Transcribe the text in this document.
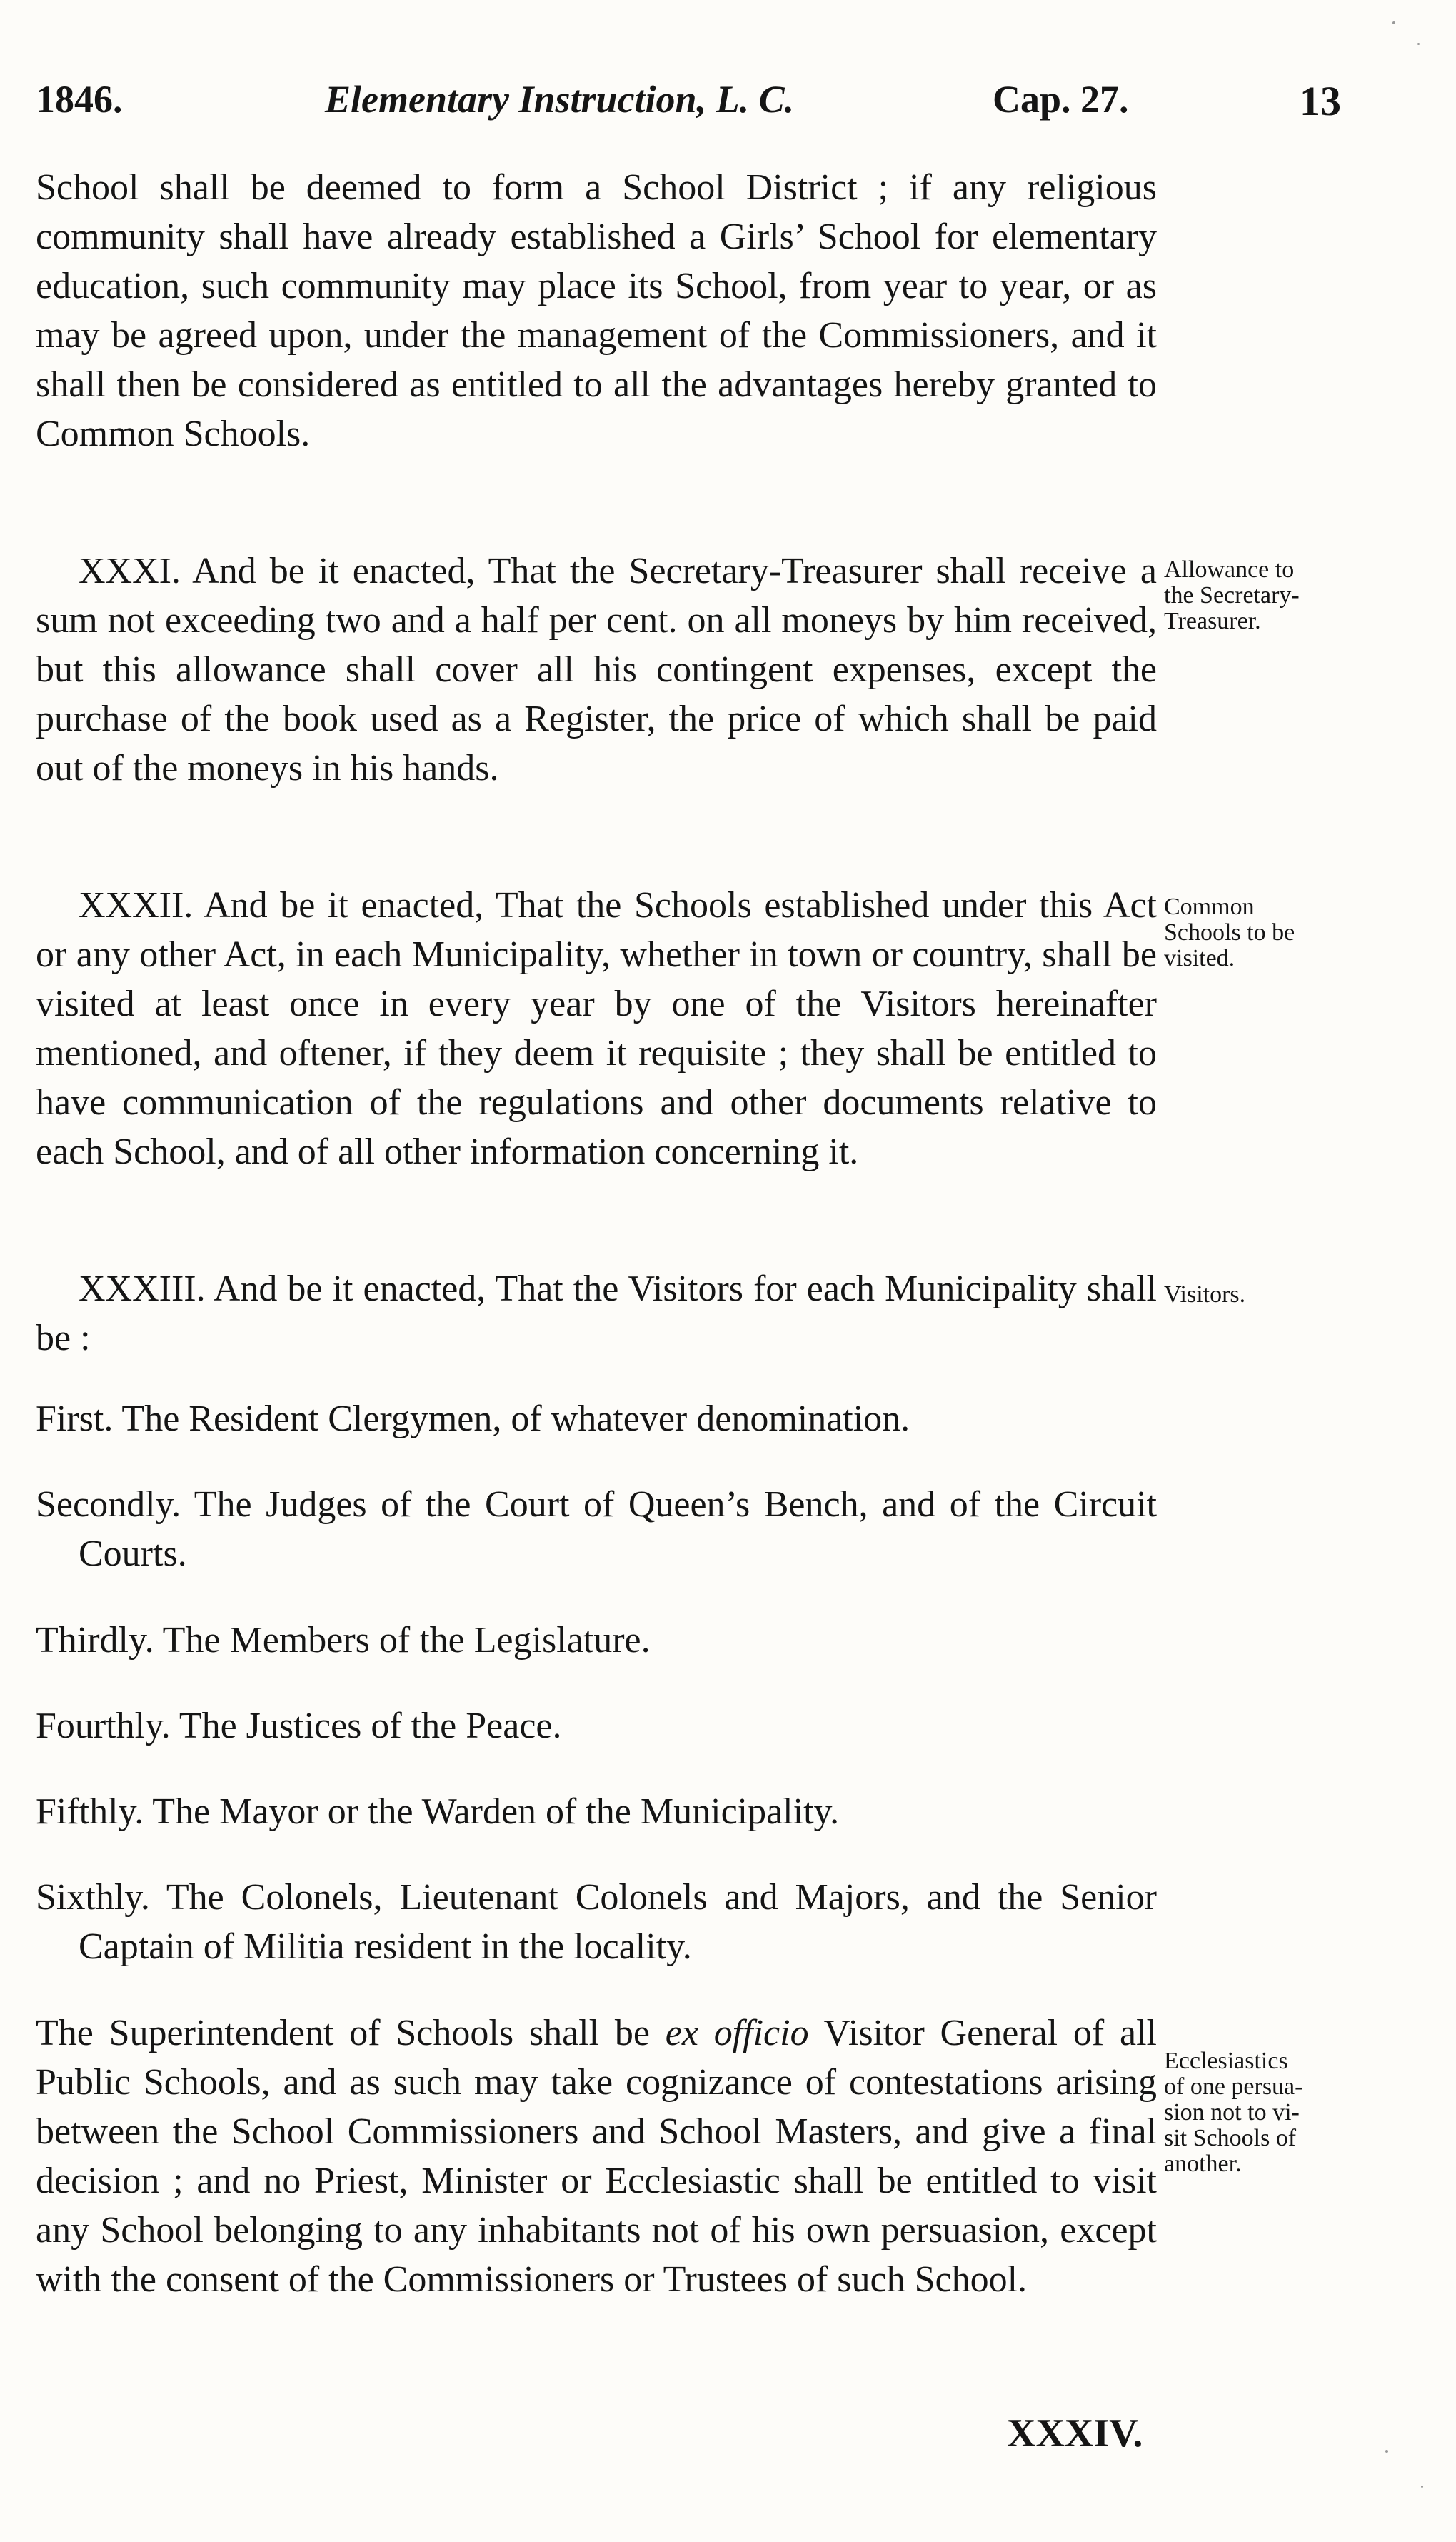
1846.	Elementary Instruction, L. C.	Cap. 27.	13

School shall be deemed to form a School District ; if any religious community shall have already established a Girls’ School for elementary education, such community may place its School, from year to year, or as may be agreed upon, under the management of the Commissioners, and it shall then be considered as entitled to all the advantages hereby granted to Common Schools.

XXXI. And be it enacted, That the Secretary-Treasurer shall receive a sum not exceeding two and a half per cent. on all moneys by him received, but this allowance shall cover all his contingent expenses, except the purchase of the book used as a Register, the price of which shall be paid out of the moneys in his hands.

XXXII. And be it enacted, That the Schools established under this Act or any other Act, in each Municipality, whether in town or country, shall be visited at least once in every year by one of the Visitors hereinafter mentioned, and oftener, if they deem it requisite ; they shall be entitled to have communication of the regulations and other documents relative to each School, and of all other information concerning it.

XXXIII. And be it enacted, That the Visitors for each Municipality shall be :

First. The Resident Clergymen, of whatever denomination.

Secondly. The Judges of the Court of Queen’s Bench, and of the Circuit Courts.

Thirdly. The Members of the Legislature.

Fourthly. The Justices of the Peace.

Fifthly. The Mayor or the Warden of the Municipality.

Sixthly. The Colonels, Lieutenant Colonels and Majors, and the Senior Captain of Militia resident in the locality.

The Superintendent of Schools shall be ex officio Visitor General of all Public Schools, and as such may take cognizance of contestations arising between the School Commissioners and School Masters, and give a final decision ; and no Priest, Minister or Ecclesiastic shall be entitled to visit any School belonging to any inhabitants not of his own persuasion, except with the consent of the Commissioners or Trustees of such School.

Allowance to
the Secretary-
Treasurer.
Common
Schools to be
visited.
Visitors.
Ecclesiastics
of one persua-
sion not to vi-
sit Schools of
another.
XXXIV.
